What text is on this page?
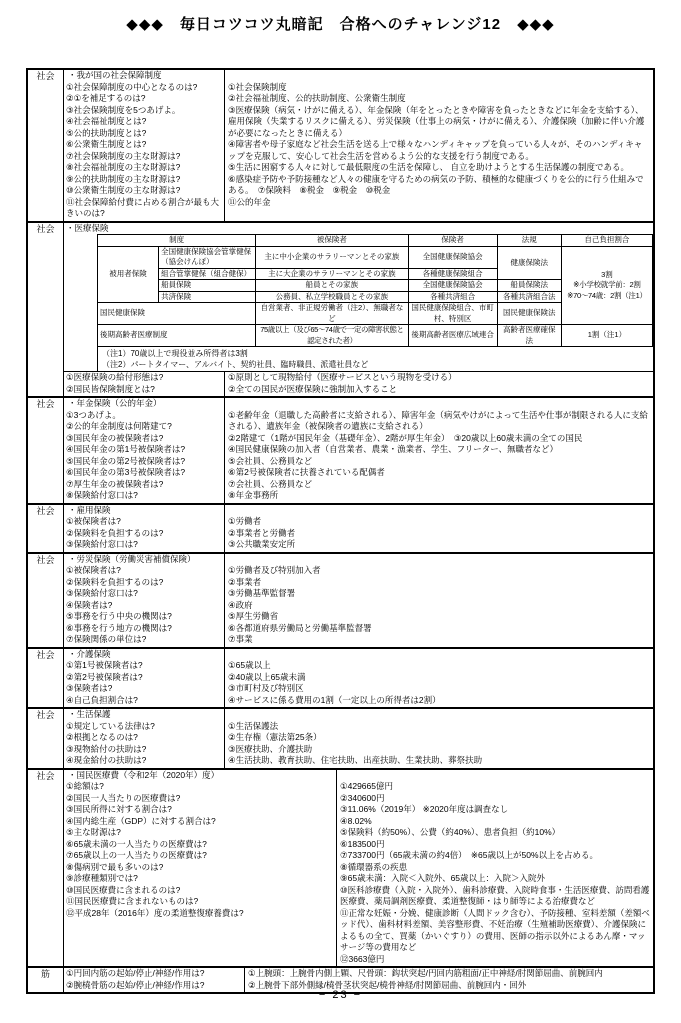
◆◆◆　毎日コツコツ丸暗記　合格へのチャレンジ12　◆◆◆
社会	・我が国の社会保障制度
①社会保障制度の中心となるのは?
②①を補足するのは?
③社会保険制度を5つあげよ。
④社会福祉制度とは?
⑤公的扶助制度とは?
⑥公衆衛生制度とは?
⑦社会保険制度の主な財源は?
⑧社会福祉制度の主な財源は?
⑨公的扶助制度の主な財源は?
⑩公衆衛生制度の主な財源は?
⑪社会保障給付費に占める割合が最も大きいのは?
①社会保険制度
②社会福祉制度、公的扶助制度、公衆衛生制度
③医療保険（病気・けがに備える）、年金保険（年をとったときや障害を負ったときなどに年金を支給する）、雇用保険（失業するリスクに備える）、労災保険（仕事上の病気・けがに備える）、介護保険（加齢に伴い介護が必要になったときに備える）
④障害者や母子家庭など社会生活を送る上で様々なハンディキャップを負っている人々が、そのハンディキャップを克服して、安心して社会生活を営めるよう公的な支援を行う制度である。
⑤生活に困窮する人々に対して最低限度の生活を保障し、 自立を助けようとする生活保護の制度である。
⑥感染症予防や予防接種など人々の健康を守るための病気の予防、積極的な健康づくりを公的に行う仕組みである。　⑦保険料　⑧税金　⑨税金　⑩税金
⑪公的年金
社会	・医療保険
制度		被保険者	保険者	法規	自己負担割合
被用者保険	全国健康保険協会管掌健保（協会けんぽ）	主に中小企業のサラリーマンとその家族	全国健康保険協会	健康保険法	3割
※小学校就学前：2割
※70～74歳：2割（注1）

	組合管掌健保（組合健保）	主に大企業のサラリーマンとその家族	各種健康保険組合		
	船員保険	船員とその家族	全国健康保険協会	船員保険法	
	共済保険	公務員、私立学校職員とその家族	各種共済組合	各種共済組合法	
国民健康保険		自営業者、非正規労働者（注2）、無職者など	国民健康保険組合、市町村、特別区	国民健康保険法	
後期高齢者医療制度		75歳以上（及び65～74歳で一定の障害状態と認定された者）	後期高齢者医療広域連合	高齢者医療確保法	1割（注1）
（注1）70歳以上で現役並み所得者は3割
（注2）パートタイマー、アルバイト、契約社員、臨時職員、派遣社員など
①医療保険の給付形態は?
②国民皆保険制度とは?
①原則として現物給付（医療サービスという現物を受ける）
②全ての国民が医療保険に強制加入すること
社会	・年金保険（公的年金）
①3つあげよ。
②公的年金制度は何階建て?
③国民年金の被保険者は?
④国民年金の第1号被保険者は?
⑤国民年金の第2号被保険者は?
⑥国民年金の第3号被保険者は?
⑦厚生年金の被保険者は?
⑧保険給付窓口は?
①老齢年金（退職した高齢者に支給される）、障害年金（病気やけがによって生活や仕事が制限される人に支給される）、遺族年金（被保険者の遺族に支給される）
②2階建て（1階が国民年金（基礎年金）、2階が厚生年金）　③20歳以上60歳未満の全ての国民
④国民健康保険の加入者（自営業者、農業・漁業者、学生、フリーター、無職者など）
⑤会社員、公務員など
⑥第2号被保険者に扶養されている配偶者
⑦会社員、公務員など
⑧年金事務所
社会	・雇用保険
①被保険者は?
②保険料を負担するのは?
③保険給付窓口は?
①労働者
②事業者と労働者
③公共職業安定所
社会	・労災保険（労働災害補償保険）
①被保険者は?
②保険料を負担するのは?
③保険給付窓口は?
④保険者は?
⑤事務を行う中央の機関は?
⑥事務を行う地方の機関は?
⑦保険関係の単位は?
①労働者及び特別加入者
②事業者
③労働基準監督署
④政府
⑤厚生労働省
⑥各都道府県労働局と労働基準監督署
⑦事業
社会	・介護保険
①第1号被保険者は?
②第2号被保険者は?
③保険者は?
④自己負担割合は?
①65歳以上
②40歳以上65歳未満
③市町村及び特別区
④サービスに係る費用の1割（一定以上の所得者は2割）
社会	・生活保護
①規定している法律は?
②根拠となるのは?
③現物給付の扶助は?
④現金給付の扶助は?
①生活保護法
②生存権（憲法第25条）
③医療扶助、介護扶助
④生活扶助、教育扶助、住宅扶助、出産扶助、生業扶助、葬祭扶助
社会	・国民医療費（令和2年（2020年）度）
①総額は?
②国民一人当たりの医療費は?
③国民所得に対する割合は?
④国内総生産（GDP）に対する割合は?
⑤主な財源は?
⑥65歳未満の一人当たりの医療費は?
⑦65歳以上の一人当たりの医療費は?
⑧傷病別で最も多いのは?
⑨診療種類別では?
⑩国民医療費に含まれるのは?
⑪国民医療費に含まれないものは?
⑫平成28年（2016年）度の柔道整復療養費は?
①429665億円
②340600円
③11.06%（2019年） ※2020年度は調査なし
④8.02%
⑤保険料（約50%）、公費（約40%）、患者負担（約10%）
⑥183500円
⑦733700円（65歳未満の約4倍）　※65歳以上が50%以上を占める。
⑧循環器系の疾患
⑨65歳未満：入院＜入院外、65歳以上：入院＞入院外
⑩医科診療費（入院・入院外）、歯科診療費、入院時食事・生活医療費、訪問看護医療費、薬局調剤医療費、柔道整復師・はり師等による治療費など
⑪正常な妊娠・分娩、健康診断（人間ドック含む）、予防接種、室料差額（差額ベッド代）、歯科材料差額、美容整形費、不妊治療（生殖補助医療費）、介護保険によるもの全て、買薬（かいぐすり）の費用、医師の指示以外によるあん摩・マッサージ等の費用など
⑫3663億円
筋	①円回内筋の起始/停止/神経/作用は?
②腕橈骨筋の起始/停止/神経/作用は?
①上腕頭：上腕骨内側上顆、尺骨頭：鈎状突起/円回内筋粗面/正中神経/肘関節屈曲、前腕回内
②上腕骨下部外側縁/橈骨茎状突起/橈骨神経/肘関節屈曲、前腕回内・回外
− 23 −
